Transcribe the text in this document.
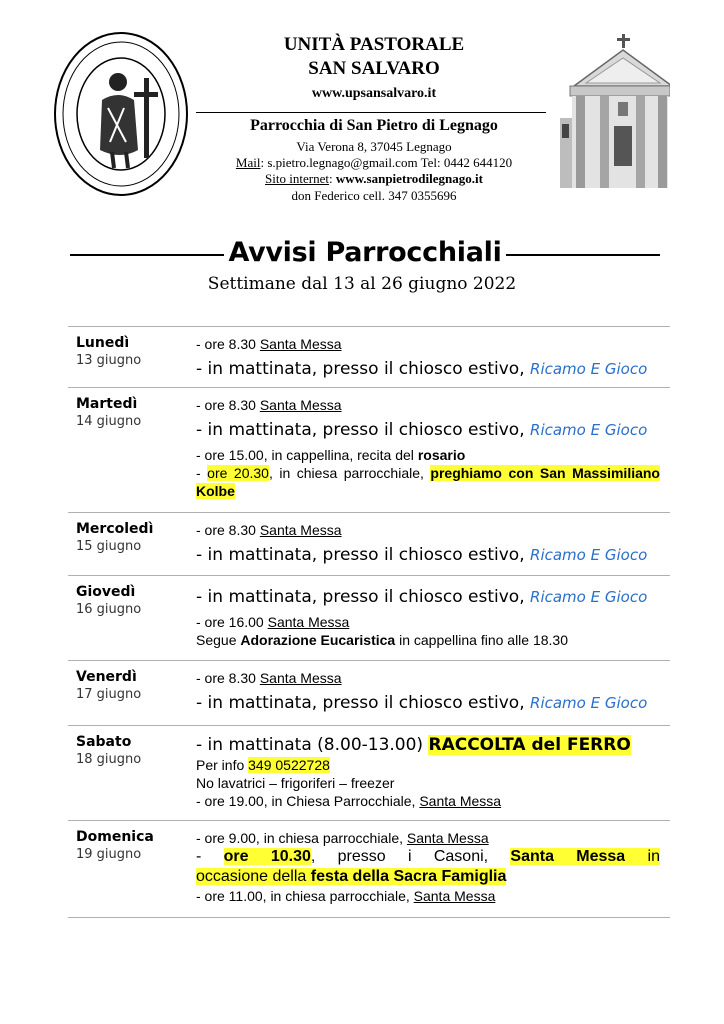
UNITÀ PASTORALE
SAN SALVARO
www.upsansalvaro.it
Parrocchia di San Pietro di Legnago
Via Verona 8, 37045 Legnago
Mail: s.pietro.legnago@gmail.com Tel: 0442 644120
Sito internet: www.sanpietrodilegnago.it
don Federico cell. 347 0355696
Avvisi Parrocchiali
Settimane dal 13 al 26 giugno 2022
Lunedì
13 giugno
- ore 8.30 Santa Messa
- in mattinata, presso il chiosco estivo, Ricamo E Gioco
Martedì
14 giugno
- ore 8.30 Santa Messa
- in mattinata, presso il chiosco estivo, Ricamo E Gioco
- ore 15.00, in cappellina, recita del rosario
- ore 20.30, in chiesa parrocchiale, preghiamo con San Massimiliano Kolbe
Mercoledì
15 giugno
- ore 8.30 Santa Messa
- in mattinata, presso il chiosco estivo, Ricamo E Gioco
Giovedì
16 giugno
- in mattinata, presso il chiosco estivo, Ricamo E Gioco
- ore 16.00 Santa Messa
Segue Adorazione Eucaristica in cappellina fino alle 18.30
Venerdì
17 giugno
- ore 8.30 Santa Messa
- in mattinata, presso il chiosco estivo, Ricamo E Gioco
Sabato
18 giugno
- in mattinata (8.00-13.00) RACCOLTA del FERRO
Per info 349 0522728
No lavatrici – frigoriferi – freezer
- ore 19.00, in Chiesa Parrocchiale, Santa Messa
Domenica
19 giugno
- ore 9.00, in chiesa parrocchiale, Santa Messa
- ore 10.30, presso i Casoni, Santa Messa in
occasione della festa della Sacra Famiglia
- ore 11.00, in chiesa parrocchiale, Santa Messa
